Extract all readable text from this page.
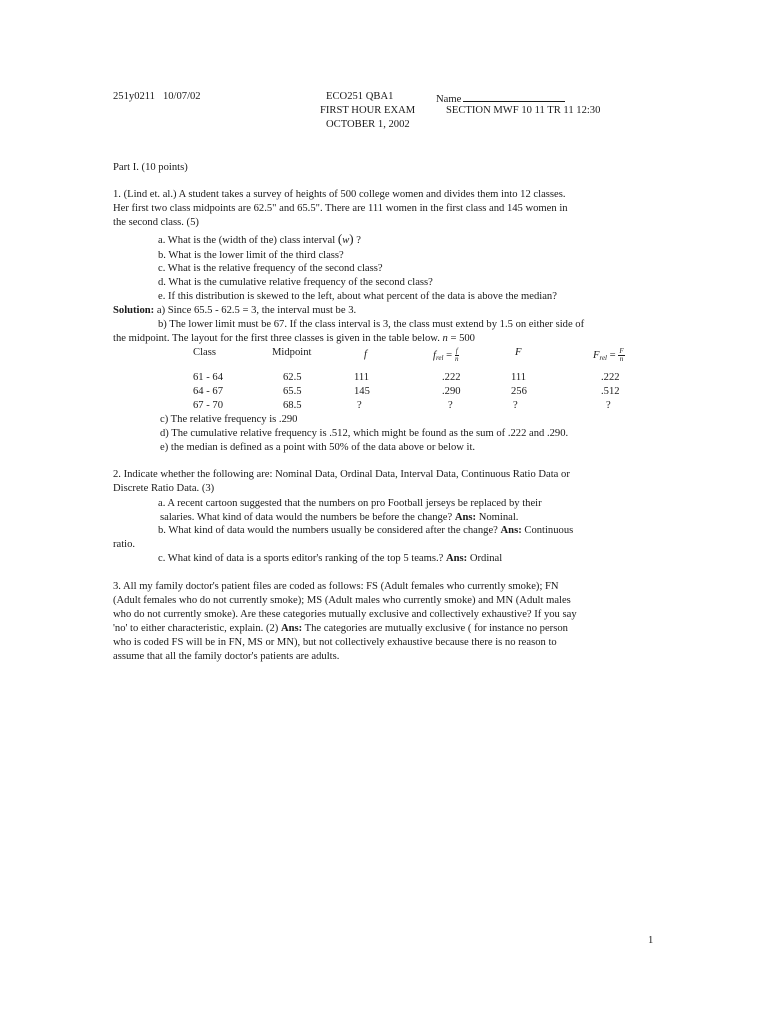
251y0211 10/07/02	ECO251 QBA1	Name
FIRST HOUR EXAM	SECTION MWF 10 11 TR 11 12:30
OCTOBER 1, 2002
Part I. (10 points)
1. (Lind et. al.) A student takes a survey of heights of 500 college women and divides them into 12 classes.
Her first two class midpoints are 62.5" and 65.5". There are 111 women in the first class and 145 women in
the second class. (5)
a. What is the (width of the) class interval (w) ?
b. What is the lower limit of the third class?
c. What is the relative frequency of the second class?
d. What is the cumulative relative frequency of the second class?
e. If this distribution is skewed to the left, about what percent of the data is above the median?
Solution: a) Since 65.5 - 62.5 = 3, the interval must be 3.
b) The lower limit must be 67. If the class interval is 3, the class must extend by 1.5 on either side of
the midpoint. The layout for the first three classes is given in the table below. n = 500
Class	Midpoint	f	frel = $\frac{f}{n}$	F	Frel = $\frac{F}{n}$
61 - 64	62.5	111	.222	111	.222
64 - 67	65.5	145	.290	256	.512
67 - 70	68.5	?	?	?	?
c) The relative frequency is .290
d) The cumulative relative frequency is .512, which might be found as the sum of .222 and .290.
e) the median is defined as a point with 50% of the data above or below it.
2. Indicate whether the following are: Nominal Data, Ordinal Data, Interval Data, Continuous Ratio Data or
Discrete Ratio Data. (3)
a. A recent cartoon suggested that the numbers on pro Football jerseys be replaced by their
salaries. What kind of data would the numbers be before the change? Ans: Nominal.
b. What kind of data would the numbers usually be considered after the change? Ans: Continuous
ratio.
c. What kind of data is a sports editor's ranking of the top 5 teams.? Ans: Ordinal
3. All my family doctor's patient files are coded as follows: FS (Adult females who currently smoke); FN
(Adult females who do not currently smoke); MS (Adult males who currently smoke) and MN (Adult males
who do not currently smoke). Are these categories mutually exclusive and collectively exhaustive? If you say
'no' to either characteristic, explain. (2) Ans: The categories are mutually exclusive ( for instance no person
who is coded FS will be in FN, MS or MN), but not collectively exhaustive because there is no reason to
assume that all the family doctor's patients are adults.
1
